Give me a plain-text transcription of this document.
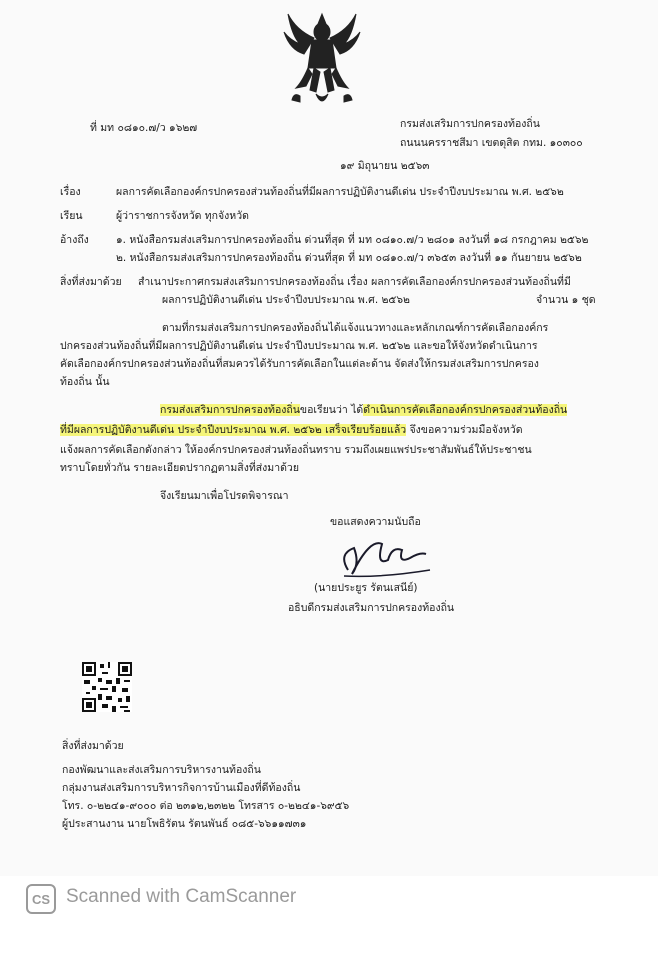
ที่ มท ๐๘๑๐.๗/ว ๑๖๒๗	กรมส่งเสริมการปกครองท้องถิ่น
ถนนนครราชสีมา เขตดุสิต กทม. ๑๐๓๐๐
๑๙ มิถุนายน ๒๕๖๓
เรื่อง	ผลการคัดเลือกองค์กรปกครองส่วนท้องถิ่นที่มีผลการปฏิบัติงานดีเด่น ประจำปีงบประมาณ พ.ศ. ๒๕๖๒
เรียน	ผู้ว่าราชการจังหวัด ทุกจังหวัด
อ้างถึง	๑. หนังสือกรมส่งเสริมการปกครองท้องถิ่น ด่วนที่สุด ที่ มท ๐๘๑๐.๗/ว ๒๘๐๑ ลงวันที่ ๑๘ กรกฎาคม ๒๕๖๒
๒. หนังสือกรมส่งเสริมการปกครองท้องถิ่น ด่วนที่สุด ที่ มท ๐๘๑๐.๗/ว ๓๖๕๓ ลงวันที่ ๑๑ กันยายน ๒๕๖๒
สิ่งที่ส่งมาด้วย สำเนาประกาศกรมส่งเสริมการปกครองท้องถิ่น เรื่อง ผลการคัดเลือกองค์กรปกครองส่วนท้องถิ่นที่มี
ผลการปฏิบัติงานดีเด่น ประจำปีงบประมาณ พ.ศ. ๒๕๖๒	จำนวน ๑ ชุด
ตามที่กรมส่งเสริมการปกครองท้องถิ่นได้แจ้งแนวทางและหลักเกณฑ์การคัดเลือกองค์กร
ปกครองส่วนท้องถิ่นที่มีผลการปฏิบัติงานดีเด่น ประจำปีงบประมาณ พ.ศ. ๒๕๖๒ และขอให้จังหวัดดำเนินการ
คัดเลือกองค์กรปกครองส่วนท้องถิ่นที่สมควรได้รับการคัดเลือกในแต่ละด้าน จัดส่งให้กรมส่งเสริมการปกครอง
ท้องถิ่น นั้น
กรมส่งเสริมการปกครองท้องถิ่นขอเรียนว่า ได้ดำเนินการคัดเลือกองค์กรปกครองส่วนท้องถิ่น
ที่มีผลการปฏิบัติงานดีเด่น ประจำปีงบประมาณ พ.ศ. ๒๕๖๒ เสร็จเรียบร้อยแล้ว จึงขอความร่วมมือจังหวัด
แจ้งผลการคัดเลือกดังกล่าว ให้องค์กรปกครองส่วนท้องถิ่นทราบ รวมถึงเผยแพร่ประชาสัมพันธ์ให้ประชาชน
ทราบโดยทั่วกัน รายละเอียดปรากฏตามสิ่งที่ส่งมาด้วย
จึงเรียนมาเพื่อโปรดพิจารณา
ขอแสดงความนับถือ
(นายประยูร รัตนเสนีย์)
อธิบดีกรมส่งเสริมการปกครองท้องถิ่น
สิ่งที่ส่งมาด้วย
กองพัฒนาและส่งเสริมการบริหารงานท้องถิ่น
กลุ่มงานส่งเสริมการบริหารกิจการบ้านเมืองที่ดีท้องถิ่น
โทร. ๐-๒๒๔๑-๙๐๐๐ ต่อ ๒๓๑๒,๒๓๒๒ โทรสาร ๐-๒๒๔๑-๖๙๕๖
ผู้ประสานงาน นายโพธิรัตน รัตนพันธ์ ๐๘๕-๖๖๑๑๗๓๑
CS Scanned with CamScanner
